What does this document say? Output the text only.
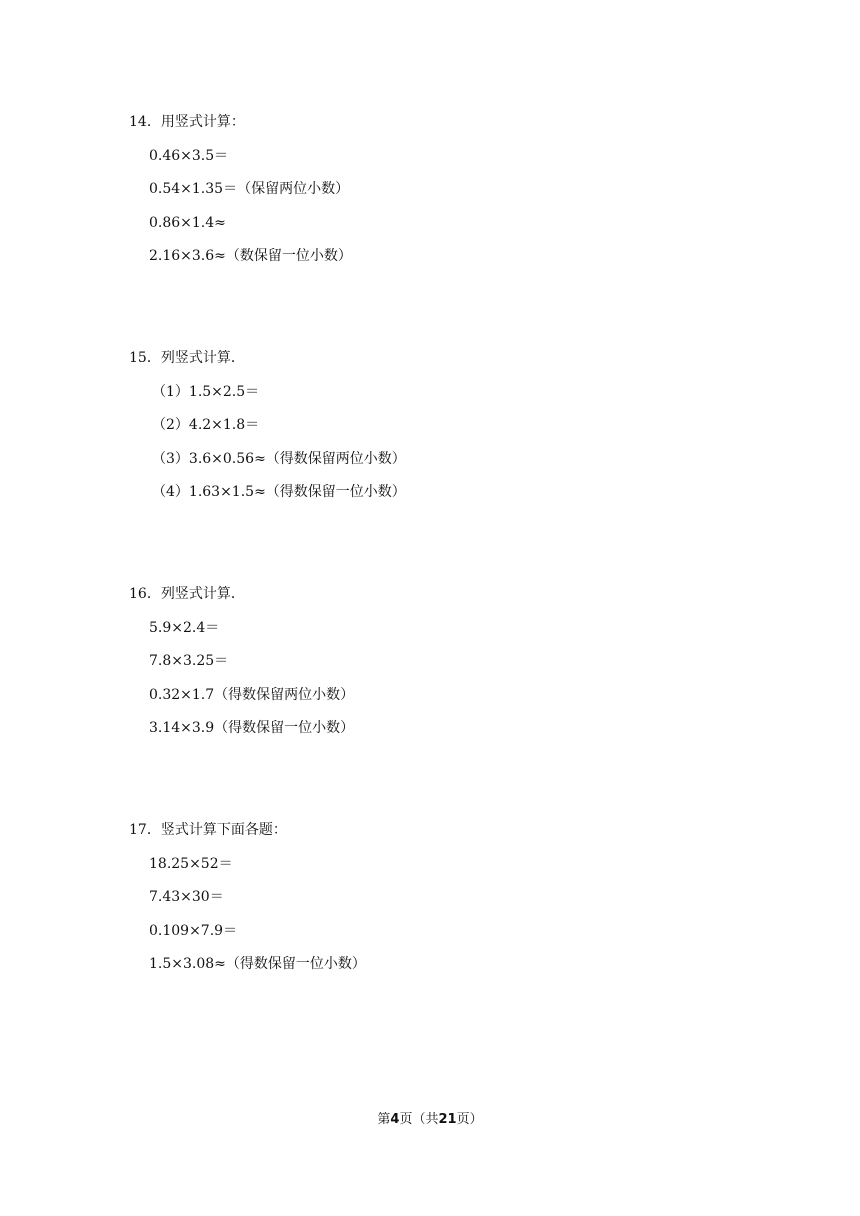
14．用竖式计算：
0.46×3.5＝
0.54×1.35＝（保留两位小数）
0.86×1.4≈
2.16×3.6≈（数保留一位小数）
15．列竖式计算．
（1）1.5×2.5＝
（2）4.2×1.8＝
（3）3.6×0.56≈（得数保留两位小数）
（4）1.63×1.5≈（得数保留一位小数）
16．列竖式计算．
5.9×2.4＝
7.8×3.25＝
0.32×1.7（得数保留两位小数）
3.14×3.9（得数保留一位小数）
17．竖式计算下面各题：
18.25×52＝
7.43×30＝
0.109×7.9＝
1.5×3.08≈（得数保留一位小数）
第4页（共21页）
